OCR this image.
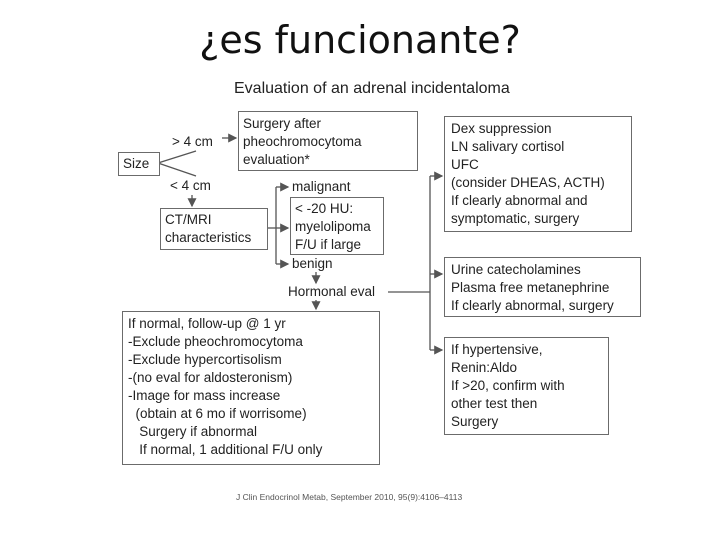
¿es funcionante?
Evaluation of an adrenal incidentaloma
Size
> 4 cm
< 4 cm
Surgery after
pheochromocytoma
evaluation*
malignant
CT/MRI
characteristics
< -20 HU:
myelolipoma
F/U if large
benign
Hormonal eval
Dex suppression
LN salivary cortisol
UFC
(consider DHEAS, ACTH)
If clearly abnormal and
symptomatic, surgery
Urine catecholamines
Plasma free metanephrine
If clearly abnormal, surgery
If hypertensive,
Renin:Aldo
If >20, confirm with
other test then
Surgery
If normal, follow-up @ 1 yr
-Exclude pheochromocytoma
-Exclude hypercortisolism
-(no eval for aldosteronism)
-Image for mass increase
(obtain at 6 mo if worrisome)
Surgery if abnormal
If normal, 1 additional F/U only
J Clin Endocrinol Metab, September 2010, 95(9):4106–4113
